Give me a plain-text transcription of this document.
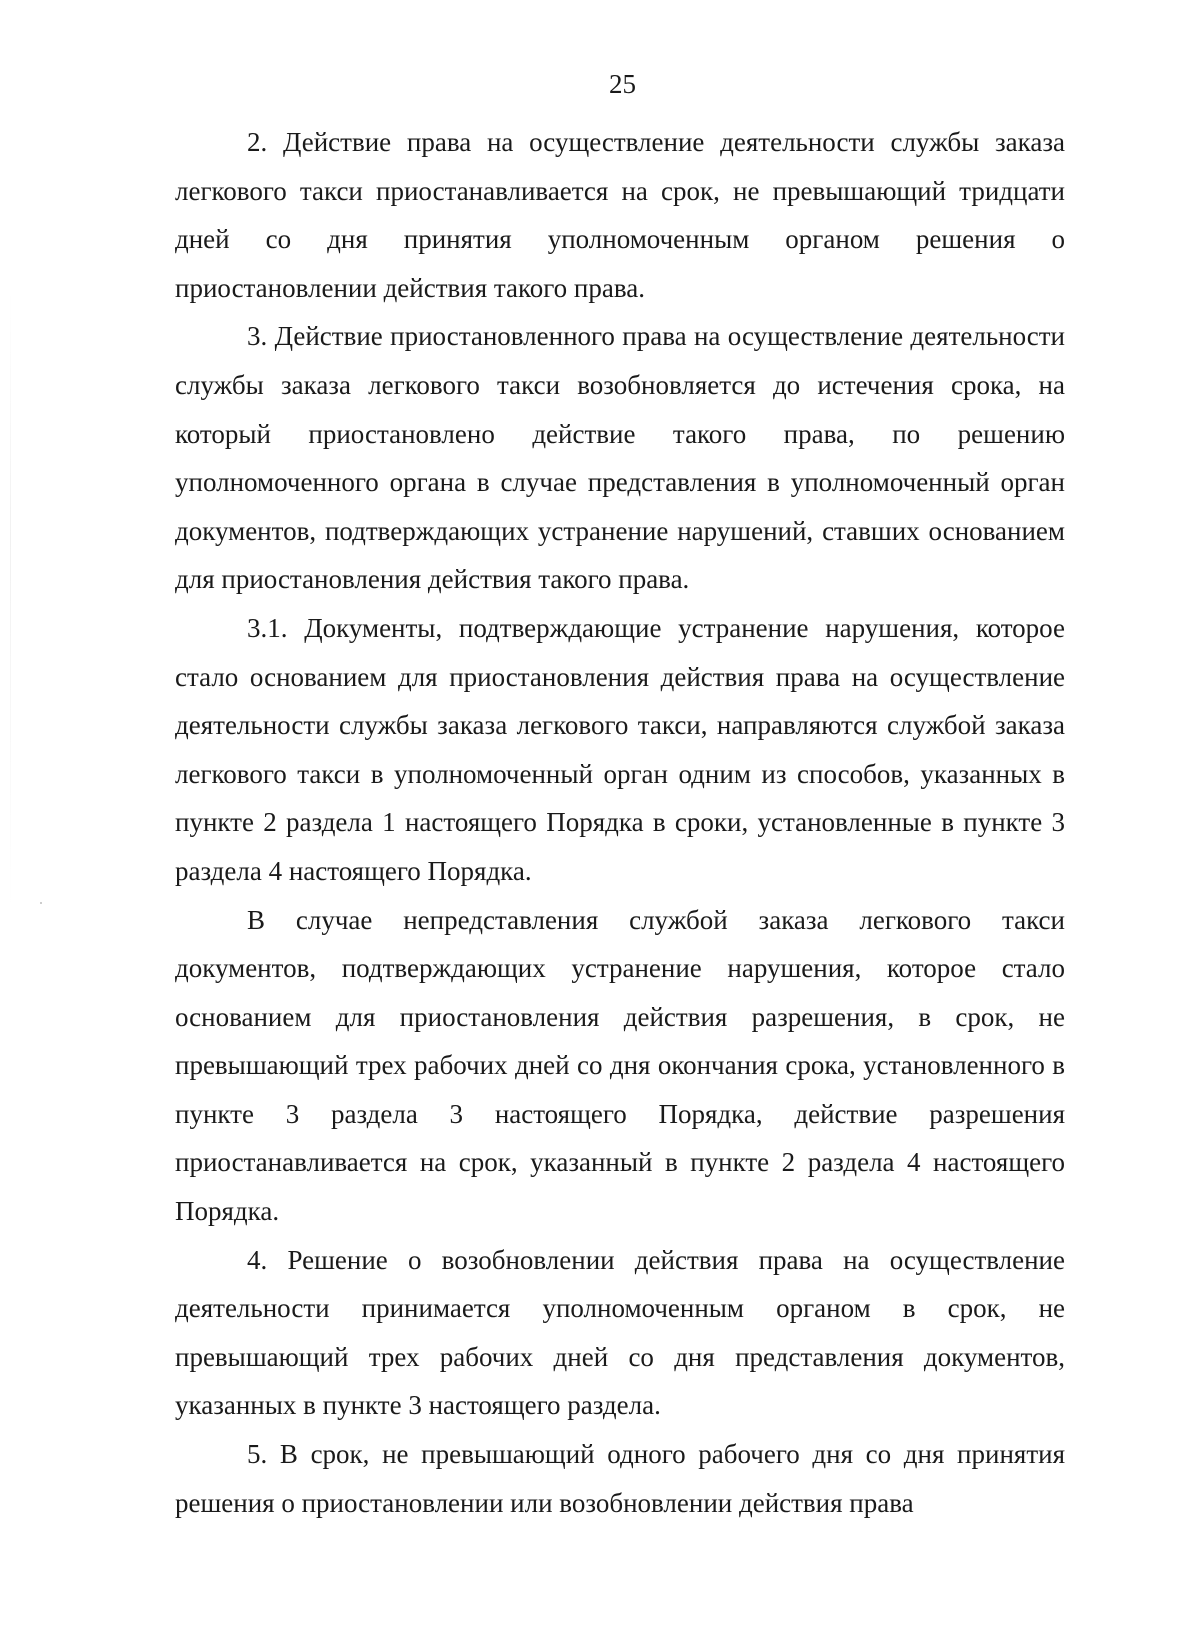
25

2. Действие права на осуществление деятельности службы заказа легкового такси приостанавливается на срок, не превышающий тридцати дней со дня принятия уполномоченным органом решения о приостановлении действия такого права.

3. Действие приостановленного права на осуществление деятельности службы заказа легкового такси возобновляется до истечения срока, на который приостановлено действие такого права, по решению уполномоченного органа в случае представления в уполномоченный орган документов, подтверждающих устранение нарушений, ставших основанием для приостановления действия такого права.

3.1. Документы, подтверждающие устранение нарушения, которое стало основанием для приостановления действия права на осуществление деятельности службы заказа легкового такси, направляются службой заказа легкового такси в уполномоченный орган одним из способов, указанных в пункте 2 раздела 1 настоящего Порядка в сроки, установленные в пункте 3 раздела 4 настоящего Порядка.

В случае непредставления службой заказа легкового такси документов, подтверждающих устранение нарушения, которое стало основанием для приостановления действия разрешения, в срок, не превышающий трех рабочих дней со дня окончания срока, установленного в пункте 3 раздела 3 настоящего Порядка, действие разрешения приостанавливается на срок, указанный в пункте 2 раздела 4 настоящего Порядка.

4. Решение о возобновлении действия права на осуществление деятельности принимается уполномоченным органом в срок, не превышающий трех рабочих дней со дня представления документов, указанных в пункте 3 настоящего раздела.

5. В срок, не превышающий одного рабочего дня со дня принятия решения о приостановлении или возобновлении действия права
